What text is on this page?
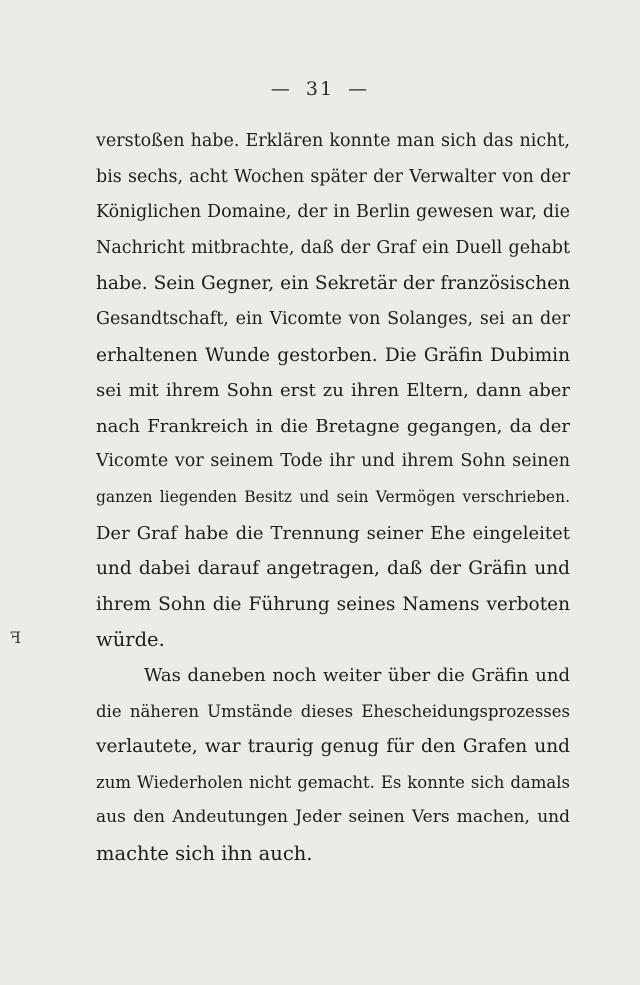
— 31 —
ꟻ
verstoßen habe. Erklären konnte man sich das nicht,
bis sechs, acht Wochen später der Verwalter von der
Königlichen Domaine, der in Berlin gewesen war, die
Nachricht mitbrachte, daß der Graf ein Duell gehabt
habe. Sein Gegner, ein Sekretär der französischen
Gesandtschaft, ein Vicomte von Solanges, sei an der
erhaltenen Wunde gestorben. Die Gräfin Dubimin
sei mit ihrem Sohn erst zu ihren Eltern, dann aber
nach Frankreich in die Bretagne gegangen, da der
Vicomte vor seinem Tode ihr und ihrem Sohn seinen
ganzen liegenden Besitz und sein Vermögen verschrieben.
Der Graf habe die Trennung seiner Ehe eingeleitet
und dabei darauf angetragen, daß der Gräfin und
ihrem Sohn die Führung seines Namens verboten
würde.
Was daneben noch weiter über die Gräfin und
die näheren Umstände dieses Ehescheidungsprozesses
verlautete, war traurig genug für den Grafen und
zum Wiederholen nicht gemacht. Es konnte sich damals
aus den Andeutungen Jeder seinen Vers machen, und
machte sich ihn auch.
